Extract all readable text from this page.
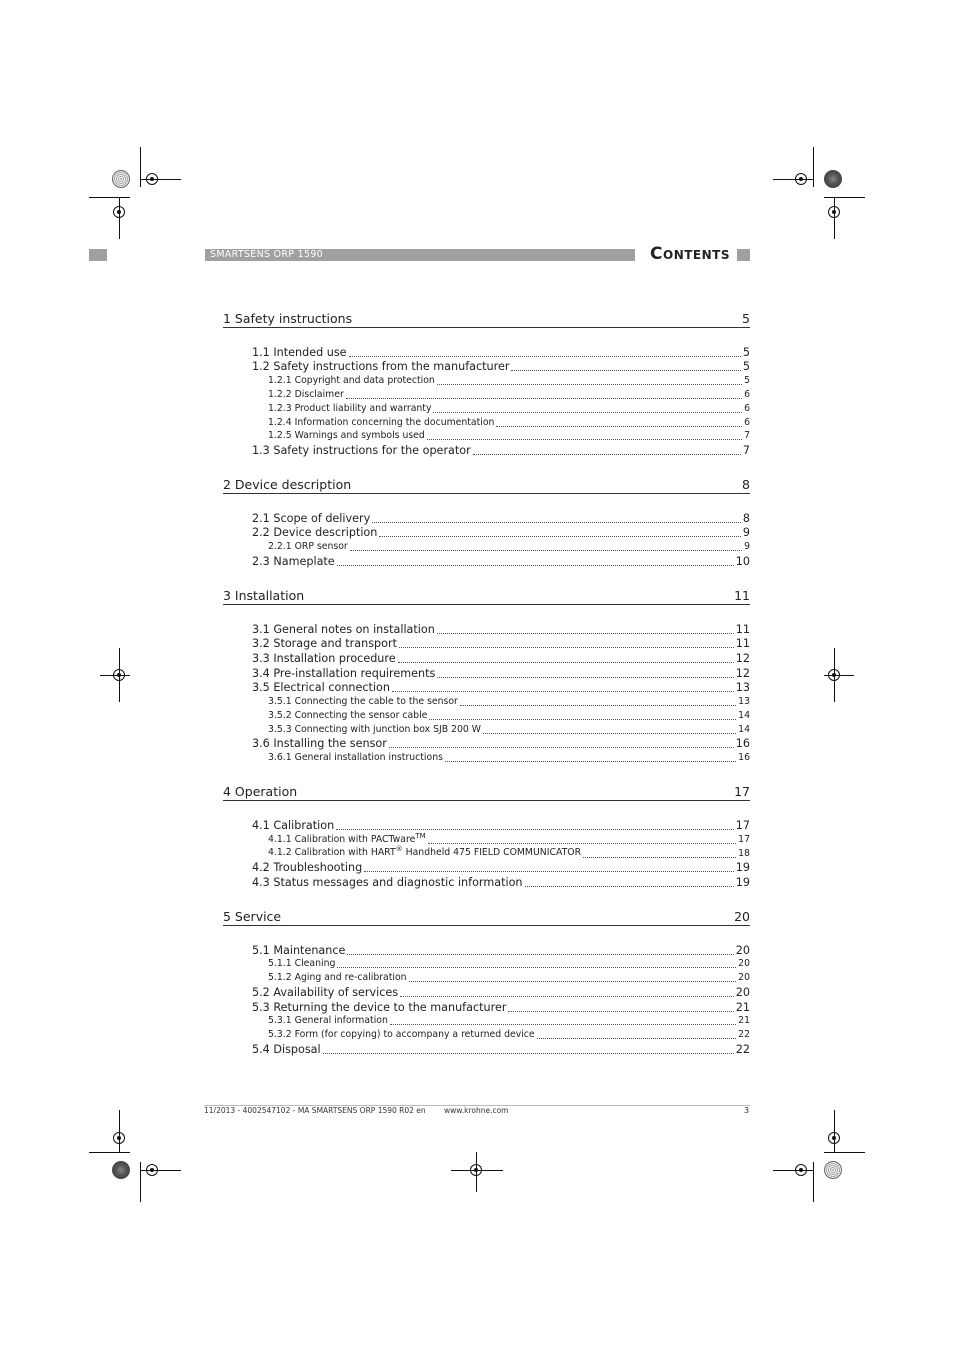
SMARTSENS ORP 1590	Contents
1 Safety instructions	5
1.1 Intended use	5
1.2 Safety instructions from the manufacturer	5
1.2.1 Copyright and data protection	5
1.2.2 Disclaimer	6
1.2.3 Product liability and warranty	6
1.2.4 Information concerning the documentation	6
1.2.5 Warnings and symbols used	7
1.3 Safety instructions for the operator	7
2 Device description	8
2.1 Scope of delivery	8
2.2 Device description	9
2.2.1 ORP sensor	9
2.3 Nameplate	10
3 Installation	11
3.1 General notes on installation	11
3.2 Storage and transport	11
3.3 Installation procedure	12
3.4 Pre-installation requirements	12
3.5 Electrical connection	13
3.5.1 Connecting the cable to the sensor	13
3.5.2 Connecting the sensor cable	14
3.5.3 Connecting with junction box SJB 200 W	14
3.6 Installing the sensor	16
3.6.1 General installation instructions	16
4 Operation	17
4.1 Calibration	17
4.1.1 Calibration with PACTware™	17
4.1.2 Calibration with HART® Handheld 475 FIELD COMMUNICATOR	18
4.2 Troubleshooting	19
4.3 Status messages and diagnostic information	19
5 Service	20
5.1 Maintenance	20
5.1.1 Cleaning	20
5.1.2 Aging and re-calibration	20
5.2 Availability of services	20
5.3 Returning the device to the manufacturer	21
5.3.1 General information	21
5.3.2 Form (for copying) to accompany a returned device	22
5.4 Disposal	22
11/2013 - 4002547102 - MA SMARTSENS ORP 1590 R02 en www.krohne.com	3
